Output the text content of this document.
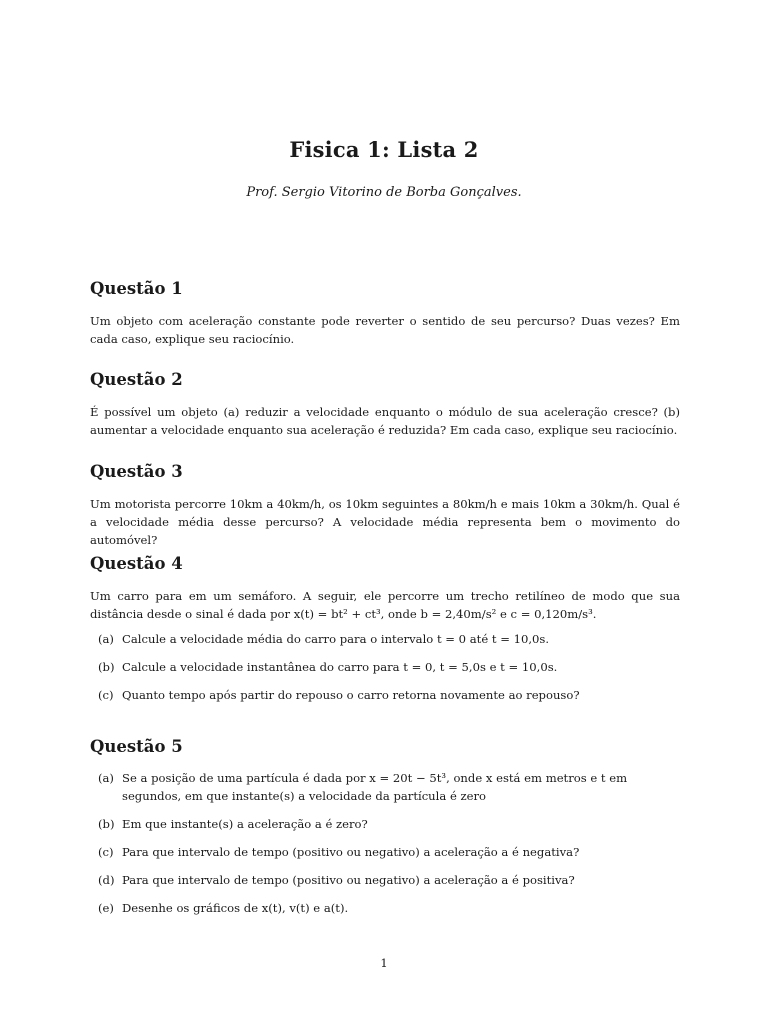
Fisica 1: Lista 2
Prof. Sergio Vitorino de Borba Gonçalves.
Questão 1
Um objeto com aceleração constante pode reverter o sentido de seu percurso? Duas vezes? Em cada caso, explique seu raciocínio.
Questão 2
É possível um objeto (a) reduzir a velocidade enquanto o módulo de sua aceleração cresce? (b) aumentar a velocidade enquanto sua aceleração é reduzida? Em cada caso, explique seu raciocínio.
Questão 3
Um motorista percorre 10km a 40km/h, os 10km seguintes a 80km/h e mais 10km a 30km/h. Qual é a velocidade média desse percurso? A velocidade média representa bem o movimento do automóvel?
Questão 4
Um carro para em um semáforo. A seguir, ele percorre um trecho retilíneo de modo que sua distância desde o sinal é dada por x(t) = bt² + ct³, onde b = 2,40m/s² e c = 0,120m/s³.
(a) Calcule a velocidade média do carro para o intervalo t = 0 até t = 10,0s.
(b) Calcule a velocidade instantânea do carro para t = 0, t = 5,0s e t = 10,0s.
(c) Quanto tempo após partir do repouso o carro retorna novamente ao repouso?
Questão 5
(a) Se a posição de uma partícula é dada por x = 20t − 5t³, onde x está em metros e t em segundos, em que instante(s) a velocidade da partícula é zero
(b) Em que instante(s) a aceleração a é zero?
(c) Para que intervalo de tempo (positivo ou negativo) a aceleração a é negativa?
(d) Para que intervalo de tempo (positivo ou negativo) a aceleração a é positiva?
(e) Desenhe os gráficos de x(t), v(t) e a(t).
1
